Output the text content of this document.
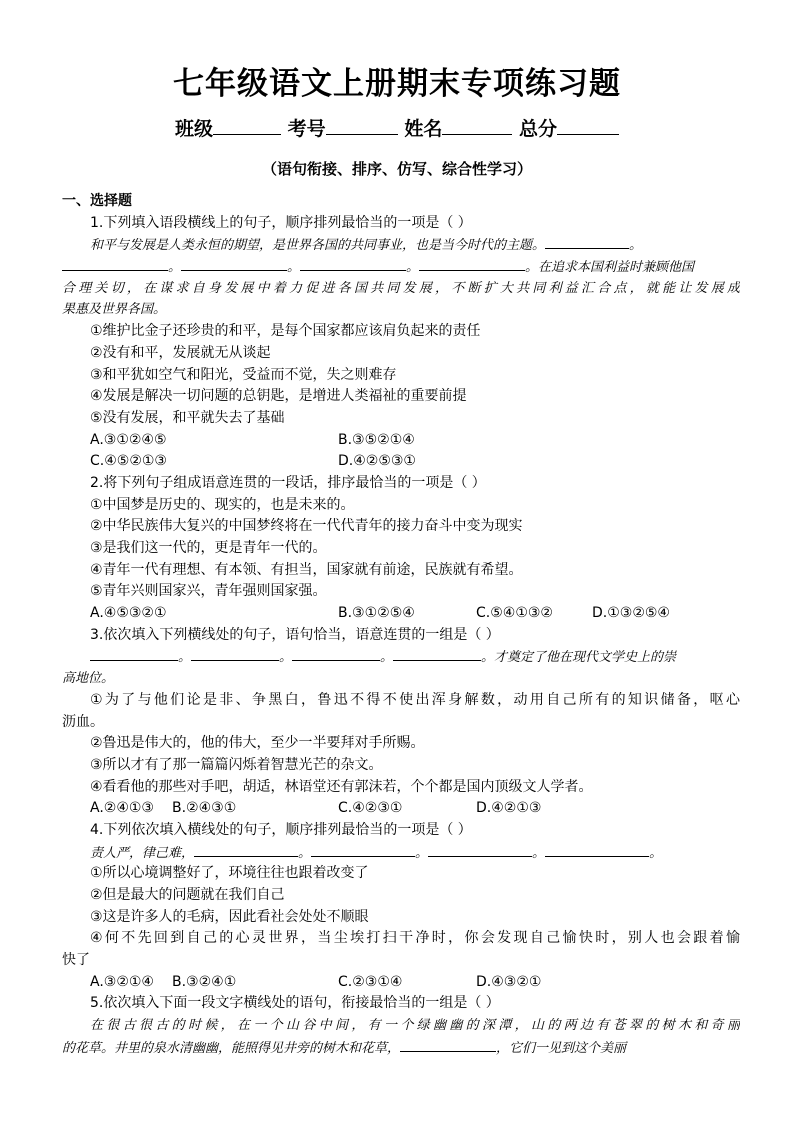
七年级语文上册期末专项练习题
班级	考号	姓名	总分
（语句衔接、排序、仿写、综合性学习）
一、选择题
1.下列填入语段横线上的句子，顺序排列最恰当的一项是（ ）
和平与发展是人类永恒的期望，是世界各国的共同事业，也是当今时代的主题。	。
。	。	。	。在追求本国利益时兼顾他国
合理关切，在谋求自身发展中着力促进各国共同发展，不断扩大共同利益汇合点，就能让发展成
果惠及世界各国。
①维护比金子还珍贵的和平，是每个国家都应该肩负起来的责任
②没有和平，发展就无从谈起
③和平犹如空气和阳光，受益而不觉，失之则难存
④发展是解决一切问题的总钥匙，是增进人类福祉的重要前提
⑤没有发展，和平就失去了基础
A.③①②④⑤	B.③⑤②①④
C.④⑤②①③	D.④②⑤③①
2.将下列句子组成语意连贯的一段话，排序最恰当的一项是（ ）
①中国梦是历史的、现实的，也是未来的。
②中华民族伟大复兴的中国梦终将在一代代青年的接力奋斗中变为现实
③是我们这一代的，更是青年一代的。
④青年一代有理想、有本领、有担当，国家就有前途，民族就有希望。
⑤青年兴则国家兴，青年强则国家强。
A.④⑤③②①	B.③①②⑤④	C.⑤④①③②	D.①③②⑤④
3.依次填入下列横线处的句子，语句恰当，语意连贯的一组是（ ）
。	。	。	。才奠定了他在现代文学史上的崇
高地位。
①为了与他们论是非、争黑白，鲁迅不得不使出浑身解数，动用自己所有的知识储备，呕心
沥血。
②鲁迅是伟大的，他的伟大，至少一半要拜对手所赐。
③所以才有了那一篇篇闪烁着智慧光芒的杂文。
④看看他的那些对手吧，胡适，林语堂还有郭沫若，个个都是国内顶级文人学者。
A.②④①③ B.②④③①	C.④②③①	D.④②①③
4.下列依次填入横线处的句子，顺序排列最恰当的一项是（ ）
责人严，律己难，	。	。	。	。
①所以心境调整好了，环境往往也跟着改变了
②但是最大的问题就在我们自己
③这是许多人的毛病，因此看社会处处不顺眼
④何不先回到自己的心灵世界，当尘埃打扫干净时，你会发现自己愉快时，别人也会跟着愉
快了
A.③②①④ B.③②④①	C.②③①④	D.④③②①
5.依次填入下面一段文字横线处的语句，衔接最恰当的一组是（ ）
在很古很古的时候，在一个山谷中间，有一个绿幽幽的深潭，山的两边有苍翠的树木和奇丽
的花草。井里的泉水清幽幽，能照得见井旁的树木和花草，	，它们一见到这个美丽
